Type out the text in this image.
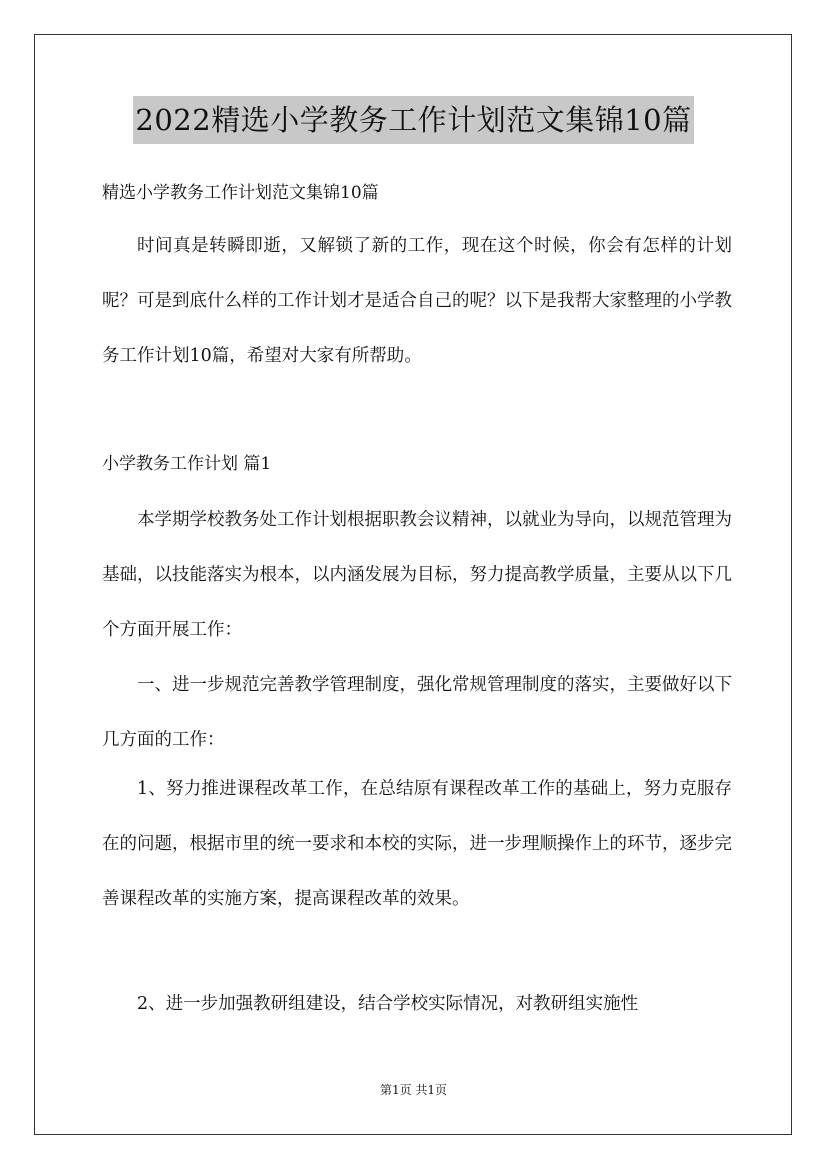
2022精选小学教务工作计划范文集锦10篇
精选小学教务工作计划范文集锦10篇

时间真是转瞬即逝，又解锁了新的工作，现在这个时候，你会有怎样的计划呢？可是到底什么样的工作计划才是适合自己的呢？以下是我帮大家整理的小学教务工作计划10篇，希望对大家有所帮助。

小学教务工作计划 篇1

本学期学校教务处工作计划根据职教会议精神，以就业为导向，以规范管理为基础，以技能落实为根本，以内涵发展为目标，努力提高教学质量，主要从以下几个方面开展工作：

一、进一步规范完善教学管理制度，强化常规管理制度的落实，主要做好以下几方面的工作：

1、努力推进课程改革工作，在总结原有课程改革工作的基础上，努力克服存在的问题，根据市里的统一要求和本校的实际，进一步理顺操作上的环节，逐步完善课程改革的实施方案，提高课程改革的效果。

2、进一步加强教研组建设，结合学校实际情况，对教研组实施性

第1页 共1页
